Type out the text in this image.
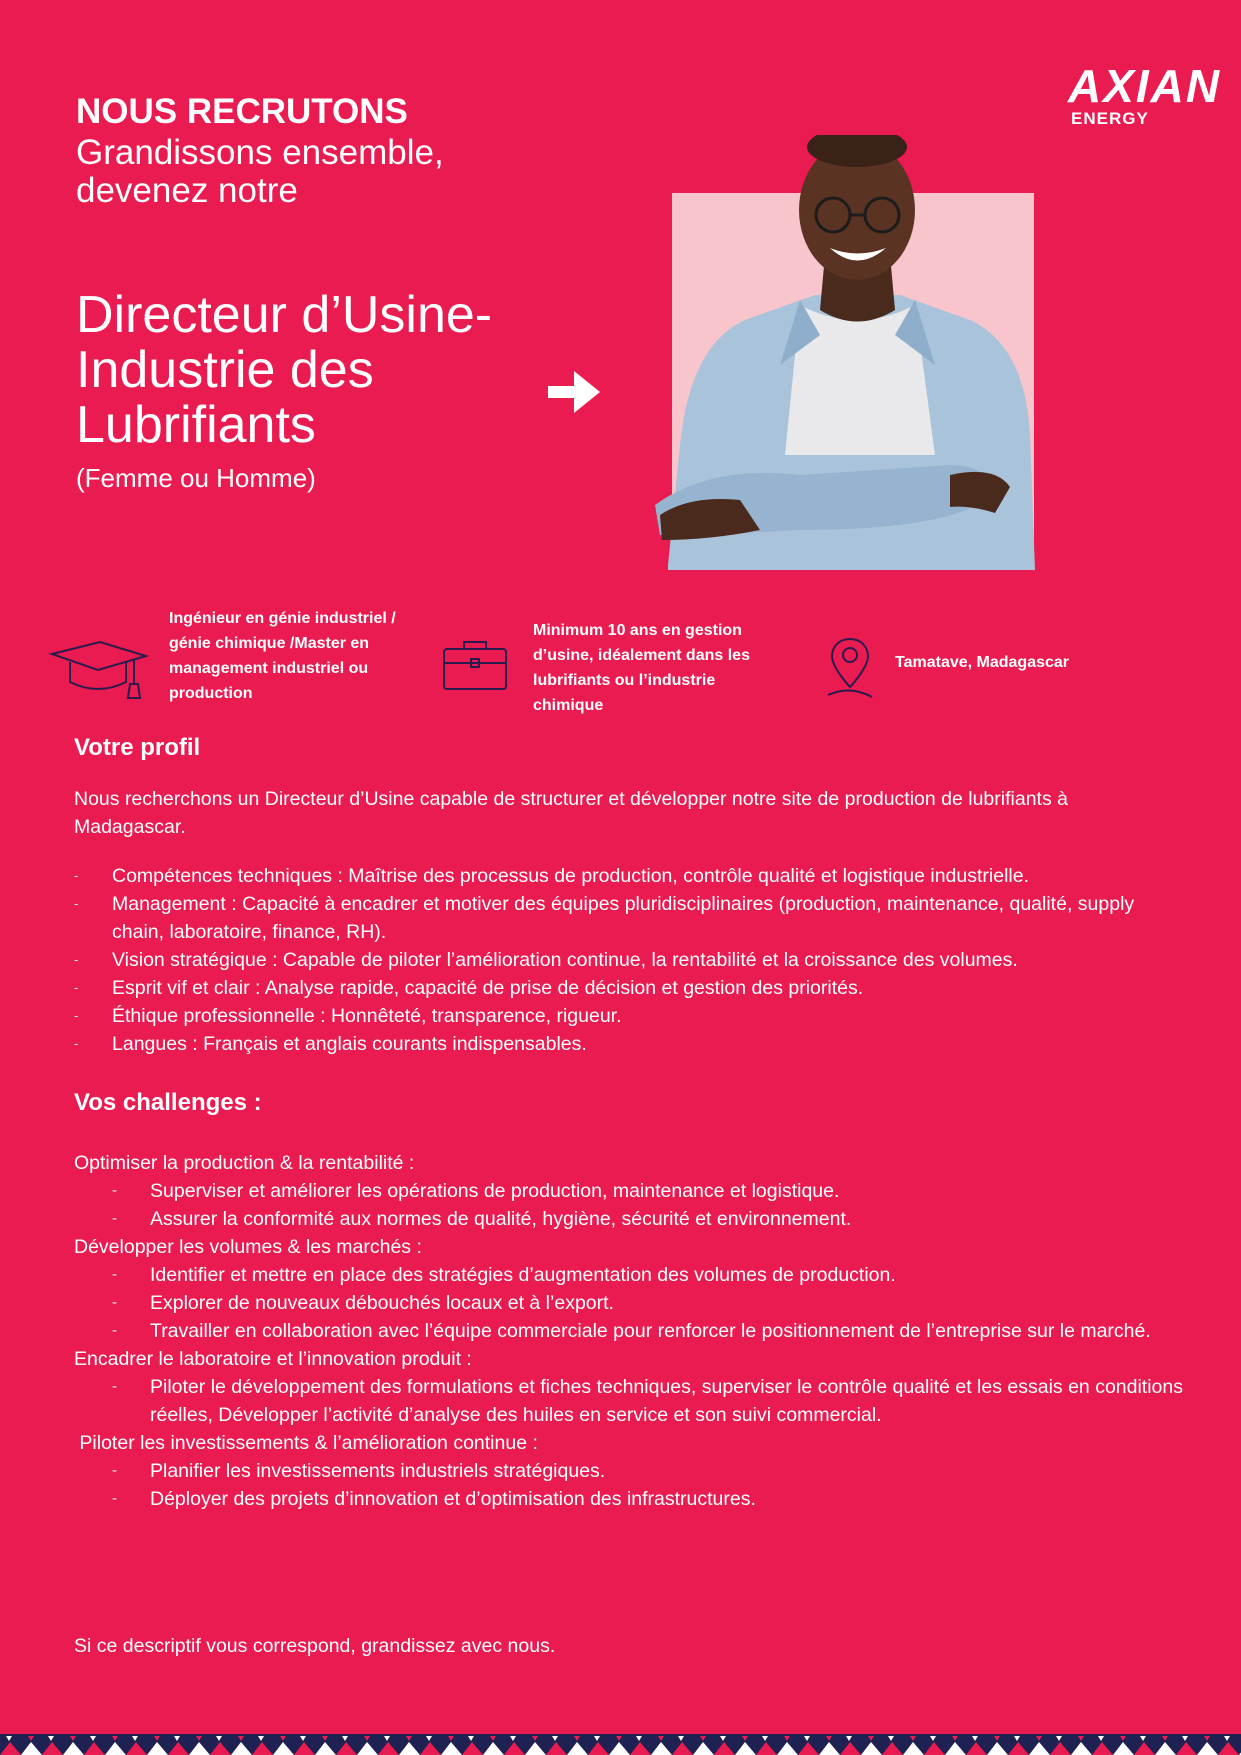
AXIAN
ENERGY
NOUS RECRUTONS
Grandissons ensemble, devenez notre
Directeur d’Usine- Industrie des Lubrifiants
(Femme ou Homme)
Ingénieur en génie industriel / génie chimique /Master en management industriel ou production
Minimum 10 ans en gestion d’usine, idéalement dans les lubrifiants ou l’industrie chimique
Tamatave, Madagascar
Votre profil
Nous recherchons un Directeur d’Usine capable de structurer et développer notre site de production de lubrifiants à Madagascar.
- Compétences techniques : Maîtrise des processus de production, contrôle qualité et logistique industrielle.
- Management : Capacité à encadrer et motiver des équipes pluridisciplinaires (production, maintenance, qualité, supply chain, laboratoire, finance, RH).
- Vision stratégique : Capable de piloter l’amélioration continue, la rentabilité et la croissance des volumes.
- Esprit vif et clair : Analyse rapide, capacité de prise de décision et gestion des priorités.
- Éthique professionnelle : Honnêteté, transparence, rigueur.
- Langues : Français et anglais courants indispensables.
Vos challenges :
Optimiser la production & la rentabilité :
- Superviser et améliorer les opérations de production, maintenance et logistique.
- Assurer la conformité aux normes de qualité, hygiène, sécurité et environnement.
Développer les volumes & les marchés :
- Identifier et mettre en place des stratégies d’augmentation des volumes de production.
- Explorer de nouveaux débouchés locaux et à l’export.
- Travailler en collaboration avec l’équipe commerciale pour renforcer le positionnement de l’entreprise sur le marché.
Encadrer le laboratoire et l’innovation produit :
- Piloter le développement des formulations et fiches techniques, superviser le contrôle qualité et les essais en conditions réelles, Développer l’activité d’analyse des huiles en service et son suivi commercial.
Piloter les investissements & l’amélioration continue :
- Planifier les investissements industriels stratégiques.
- Déployer des projets d’innovation et d’optimisation des infrastructures.
Si ce descriptif vous correspond, grandissez avec nous.
